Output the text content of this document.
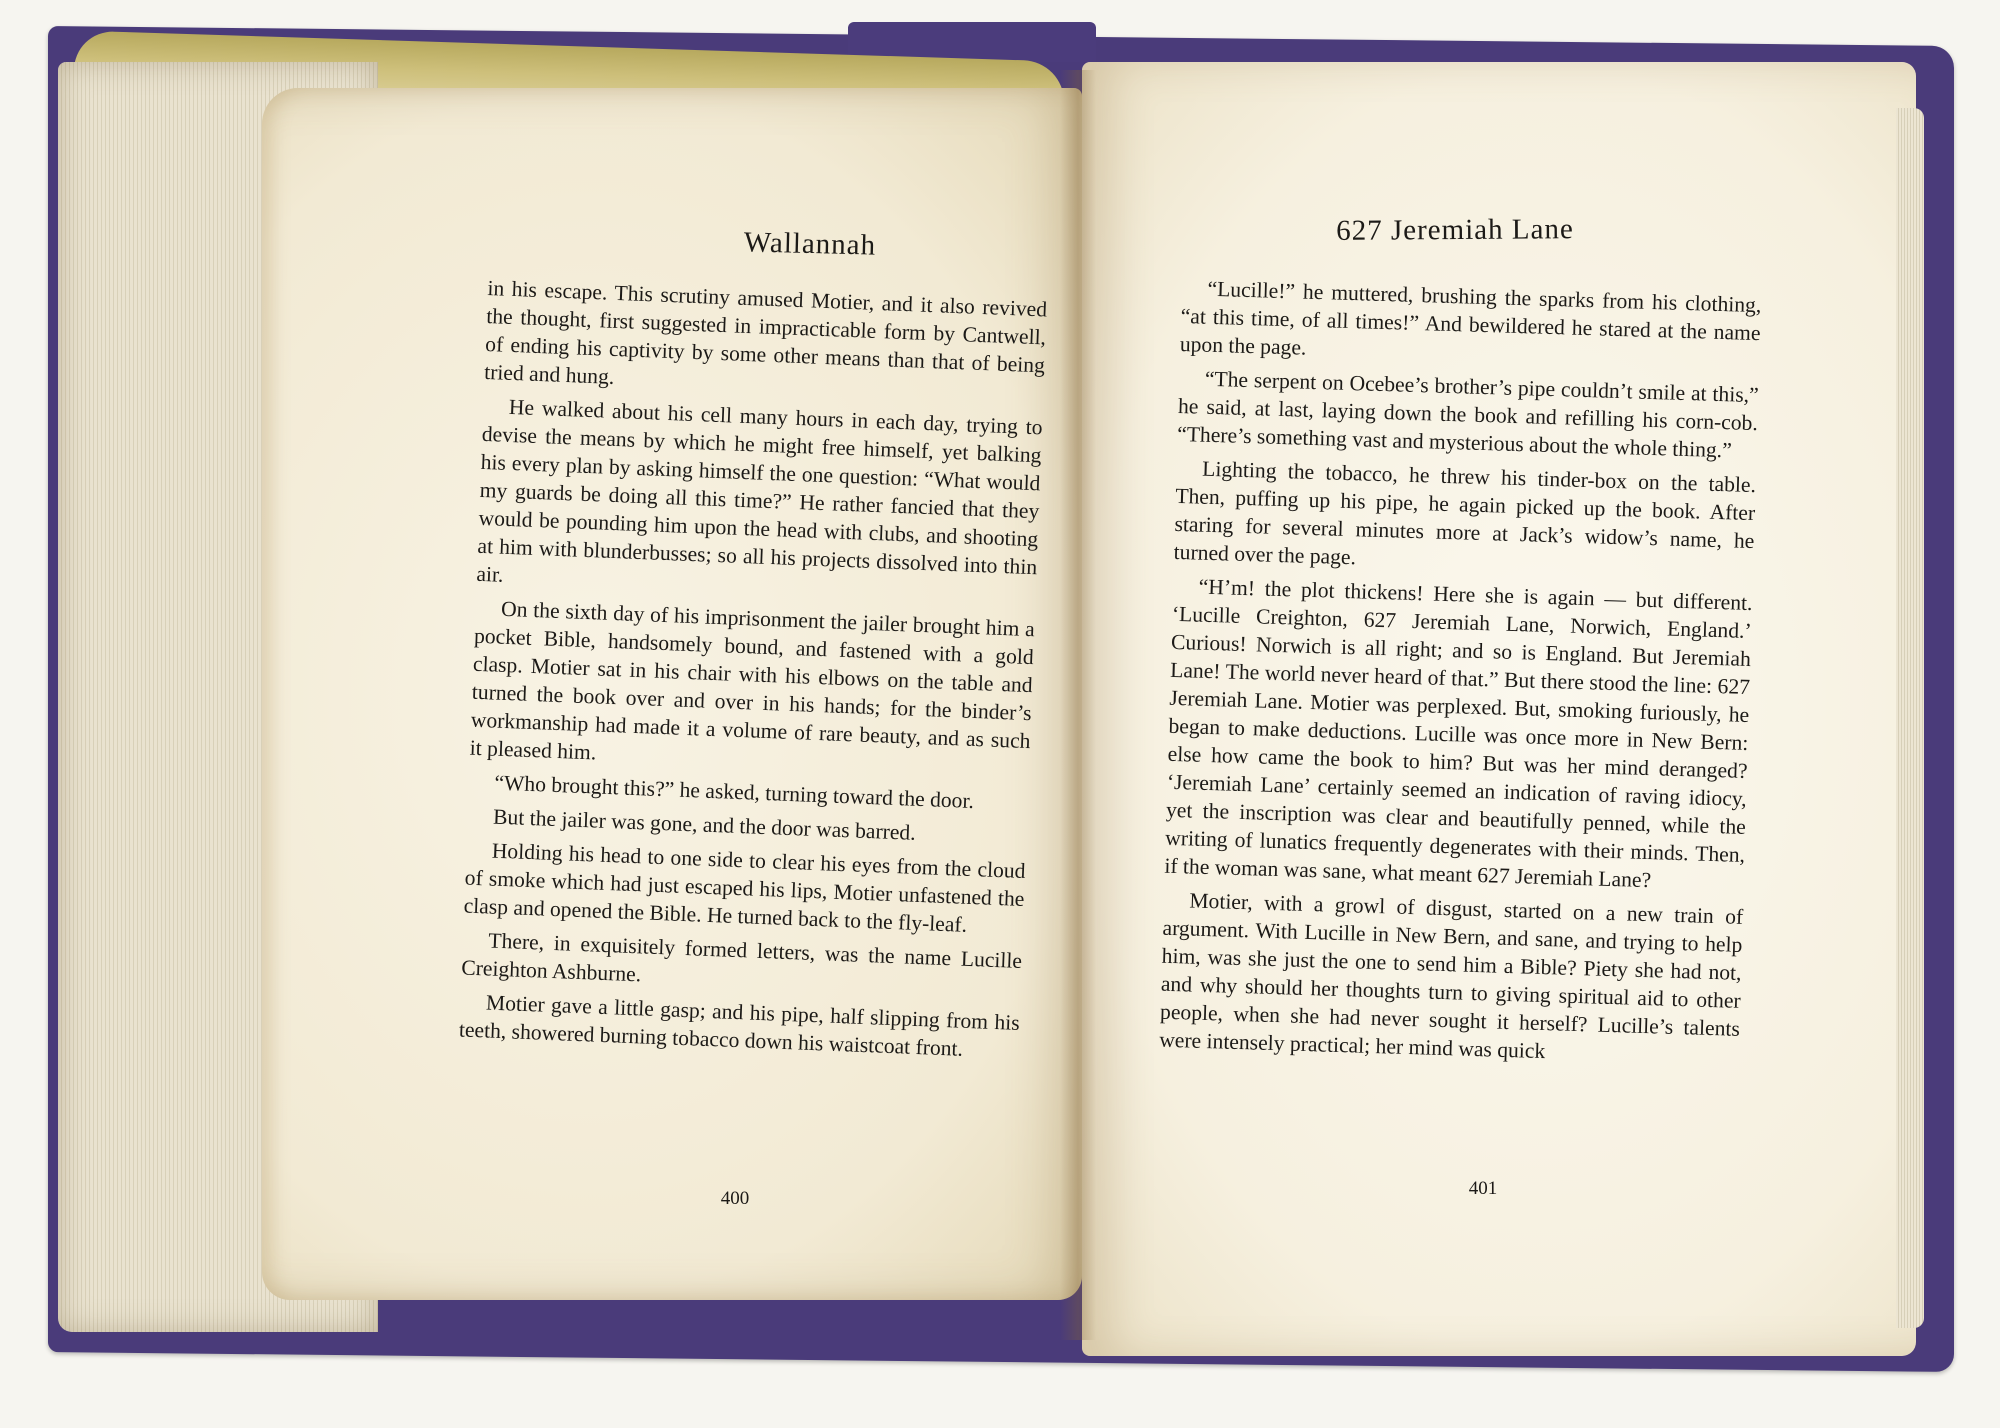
Wallannah

in his escape. This scrutiny amused Motier, and it also revived the thought, first suggested in impracticable form by Cantwell, of ending his captivity by some other means than that of being tried and hung.

He walked about his cell many hours in each day, trying to devise the means by which he might free himself, yet balking his every plan by asking himself the one question: “What would my guards be doing all this time?” He rather fancied that they would be pounding him upon the head with clubs, and shooting at him with blunderbusses; so all his projects dissolved into thin air.

On the sixth day of his imprisonment the jailer brought him a pocket Bible, handsomely bound, and fastened with a gold clasp. Motier sat in his chair with his elbows on the table and turned the book over and over in his hands; for the binder’s workmanship had made it a volume of rare beauty, and as such it pleased him.

“Who brought this?” he asked, turning toward the door.

But the jailer was gone, and the door was barred.

Holding his head to one side to clear his eyes from the cloud of smoke which had just escaped his lips, Motier unfastened the clasp and opened the Bible. He turned back to the fly-leaf.

There, in exquisitely formed letters, was the name Lucille Creighton Ashburne.

Motier gave a little gasp; and his pipe, half slipping from his teeth, showered burning tobacco down his waistcoat front.

400
627 Jeremiah Lane

“Lucille!” he muttered, brushing the sparks from his clothing, “at this time, of all times!” And bewildered he stared at the name upon the page.

“The serpent on Ocebee’s brother’s pipe couldn’t smile at this,” he said, at last, laying down the book and refilling his corn-cob. “There’s something vast and mysterious about the whole thing.”

Lighting the tobacco, he threw his tinder-box on the table. Then, puffing up his pipe, he again picked up the book. After staring for several minutes more at Jack’s widow’s name, he turned over the page.

“H’m! the plot thickens! Here she is again — but different. ‘Lucille Creighton, 627 Jeremiah Lane, Norwich, England.’ Curious! Norwich is all right; and so is England. But Jeremiah Lane! The world never heard of that.” But there stood the line: 627 Jeremiah Lane. Motier was perplexed. But, smoking furiously, he began to make deductions. Lucille was once more in New Bern: else how came the book to him? But was her mind deranged? ‘Jeremiah Lane’ certainly seemed an indication of raving idiocy, yet the inscription was clear and beautifully penned, while the writing of lunatics frequently degenerates with their minds. Then, if the woman was sane, what meant 627 Jeremiah Lane?

Motier, with a growl of disgust, started on a new train of argument. With Lucille in New Bern, and sane, and trying to help him, was she just the one to send him a Bible? Piety she had not, and why should her thoughts turn to giving spiritual aid to other people, when she had never sought it herself? Lucille’s talents were intensely practical; her mind was quick

401
